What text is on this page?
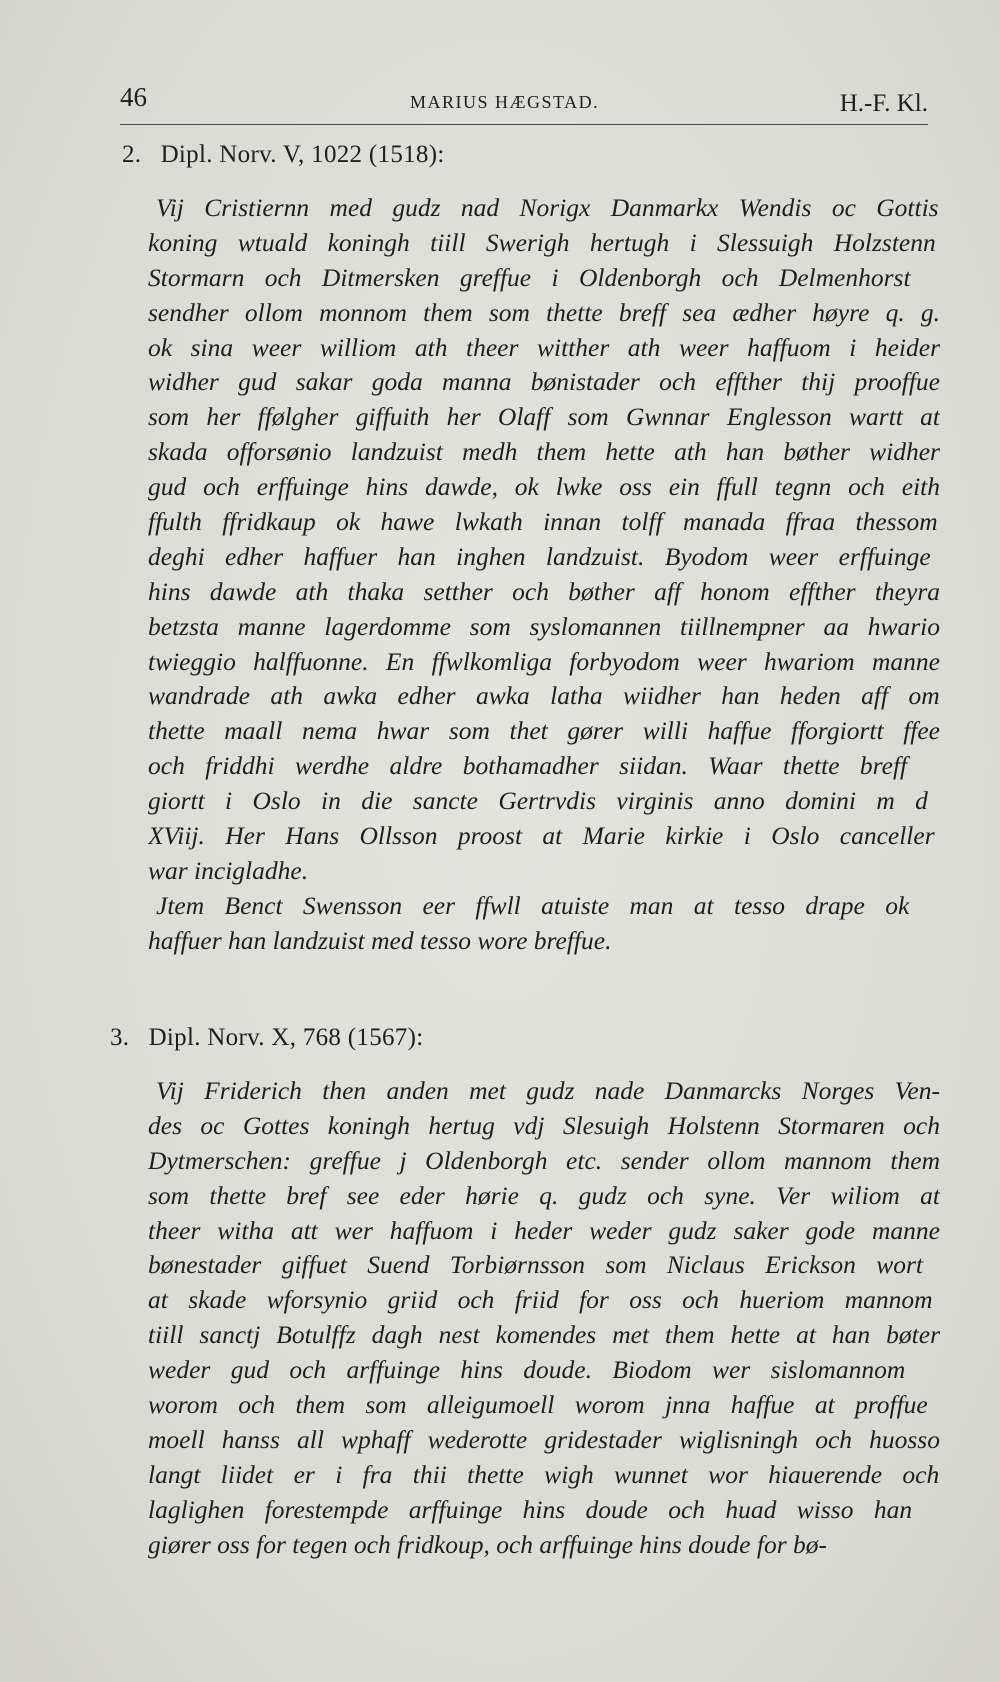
46	MARIUS HÆGSTAD.	H.-F. Kl.
2. Dipl. Norv. V, 1022 (1518):
Vij Cristiernn med gudz nad Norigx Danmarkx Wendis oc Gottis
koning wtuald koningh tiill Swerigh hertugh i Slessuigh Holzstenn
Stormarn och Ditmersken greffue i Oldenborgh och Delmenhorst
sendher ollom monnom them som thette breff sea ædher høyre q. g.
ok sina weer williom ath theer witther ath weer haffuom i heider
widher gud sakar goda manna bønistader och effther thij prooffue
som her ffølgher giffuith her Olaff som Gwnnar Englesson wartt at
skada offorsønio landzuist medh them hette ath han bøther widher
gud och erffuinge hins dawde, ok lwke oss ein ffull tegnn och eith
ffulth ffridkaup ok hawe lwkath innan tolff manada ffraa thessom
deghi edher haffuer han inghen landzuist. Byodom weer erffuinge
hins dawde ath thaka setther och bøther aff honom effther theyra
betzsta manne lagerdomme som syslomannen tiillnempner aa hwario
twieggio halffuonne. En ffwlkomliga forbyodom weer hwariom manne
wandrade ath awka edher awka latha wiidher han heden aff om
thette maall nema hwar som thet gører willi haffue fforgiortt ffee
och friddhi werdhe aldre bothamadher siidan. Waar thette breff
giortt i Oslo in die sancte Gertrvdis virginis anno domini m d
XViij. Her Hans Ollsson proost at Marie kirkie i Oslo canceller
war incigladhe.
Jtem Benct Swensson eer ffwll atuiste man at tesso drape ok
haffuer han landzuist med tesso wore breffue.
3. Dipl. Norv. X, 768 (1567):
Vij Friderich then anden met gudz nade Danmarcks Norges Ven-
des oc Gottes koningh hertug vdj Slesuigh Holstenn Stormaren och
Dytmerschen: greffue j Oldenborgh etc. sender ollom mannom them
som thette bref see eder hørie q. gudz och syne. Ver wiliom at
theer witha att wer haffuom i heder weder gudz saker gode manne
bønestader giffuet Suend Torbiørnsson som Niclaus Erickson wort
at skade wforsynio griid och friid for oss och hueriom mannom
tiill sanctj Botulffz dagh nest komendes met them hette at han bøter
weder gud och arffuinge hins doude. Biodom wer sislomannom
worom och them som alleigumoell worom jnna haffue at proffue
moell hanss all wphaff wederotte gridestader wiglisningh och huosso
langt liidet er i fra thii thette wigh wunnet wor hiauerende och
laglighen forestempde arffuinge hins doude och huad wisso han
giører oss for tegen och fridkoup, och arffuinge hins doude for bø-
